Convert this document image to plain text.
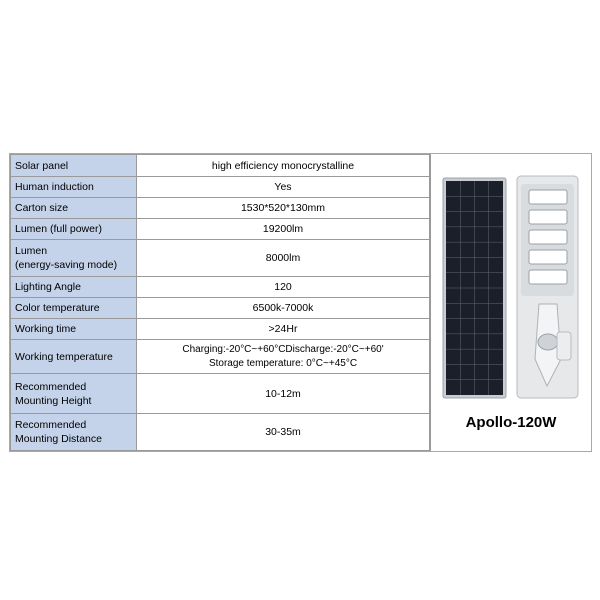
Solar panel	high efficiency monocrystalline
Human induction	Yes
Carton size	1530*520*130mm
Lumen (full power)	19200lm
Lumen
(energy-saving mode)	8000lm
Lighting Angle	120
Color temperature	6500k-7000k
Working time	>24Hr
Working temperature	Charging:-20°C~+60°CDischarge:-20°C~+60'
Storage temperature: 0°C~+45°C
Recommended
Mounting Height	10-12m
Recommended
Mounting Distance	30-35m
Apollo-120W
